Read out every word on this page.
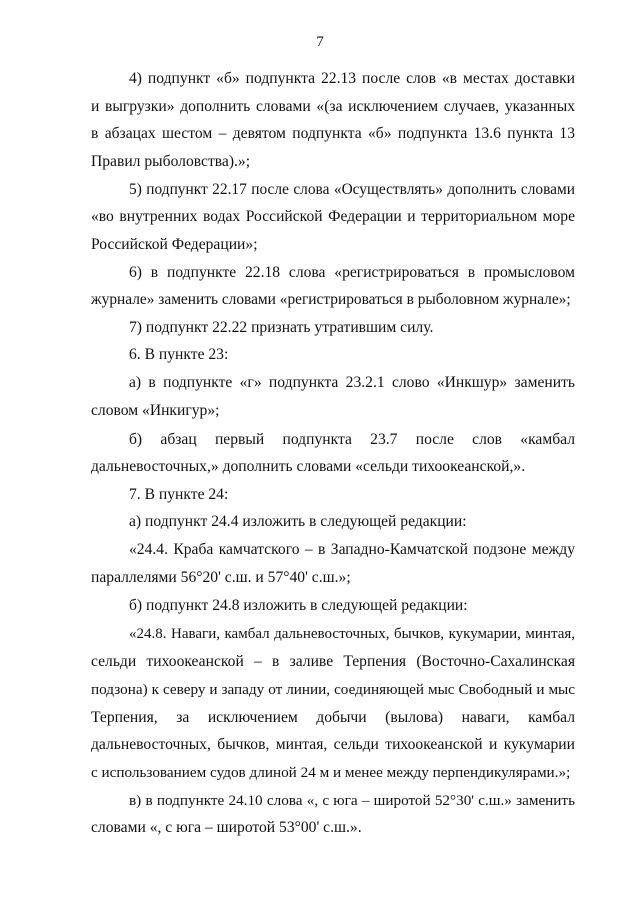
7
4) подпункт «б» подпункта 22.13 после слов «в местах доставки
и выгрузки» дополнить словами «(за исключением случаев, указанных
в абзацах шестом – девятом подпункта «б» подпункта 13.6 пункта 13
Правил рыболовства).»;
5) подпункт 22.17 после слова «Осуществлять» дополнить словами
«во внутренних водах Российской Федерации и территориальном море
Российской Федерации»;
6) в подпункте 22.18 слова «регистрироваться в промысловом
журнале» заменить словами «регистрироваться в рыболовном журнале»;
7) подпункт 22.22 признать утратившим силу.
6. В пункте 23:
а) в подпункте «г» подпункта 23.2.1 слово «Инкшур» заменить
словом «Инкигур»;
б) абзац первый подпункта 23.7 после слов «камбал
дальневосточных,» дополнить словами «сельди тихоокеанской,».
7. В пункте 24:
а) подпункт 24.4 изложить в следующей редакции:
«24.4. Краба камчатского – в Западно-Камчатской подзоне между
параллелями 56°20' с.ш. и 57°40' с.ш.»;
б) подпункт 24.8 изложить в следующей редакции:
«24.8. Наваги, камбал дальневосточных, бычков, кукумарии, минтая,
сельди тихоокеанской – в заливе Терпения (Восточно-Сахалинская
подзона) к северу и западу от линии, соединяющей мыс Свободный и мыс
Терпения, за исключением добычи (вылова) наваги, камбал
дальневосточных, бычков, минтая, сельди тихоокеанской и кукумарии
с использованием судов длиной 24 м и менее между перпендикулярами.»;
в) в подпункте 24.10 слова «, с юга – широтой 52°30' с.ш.» заменить
словами «, с юга – широтой 53°00' с.ш.».
